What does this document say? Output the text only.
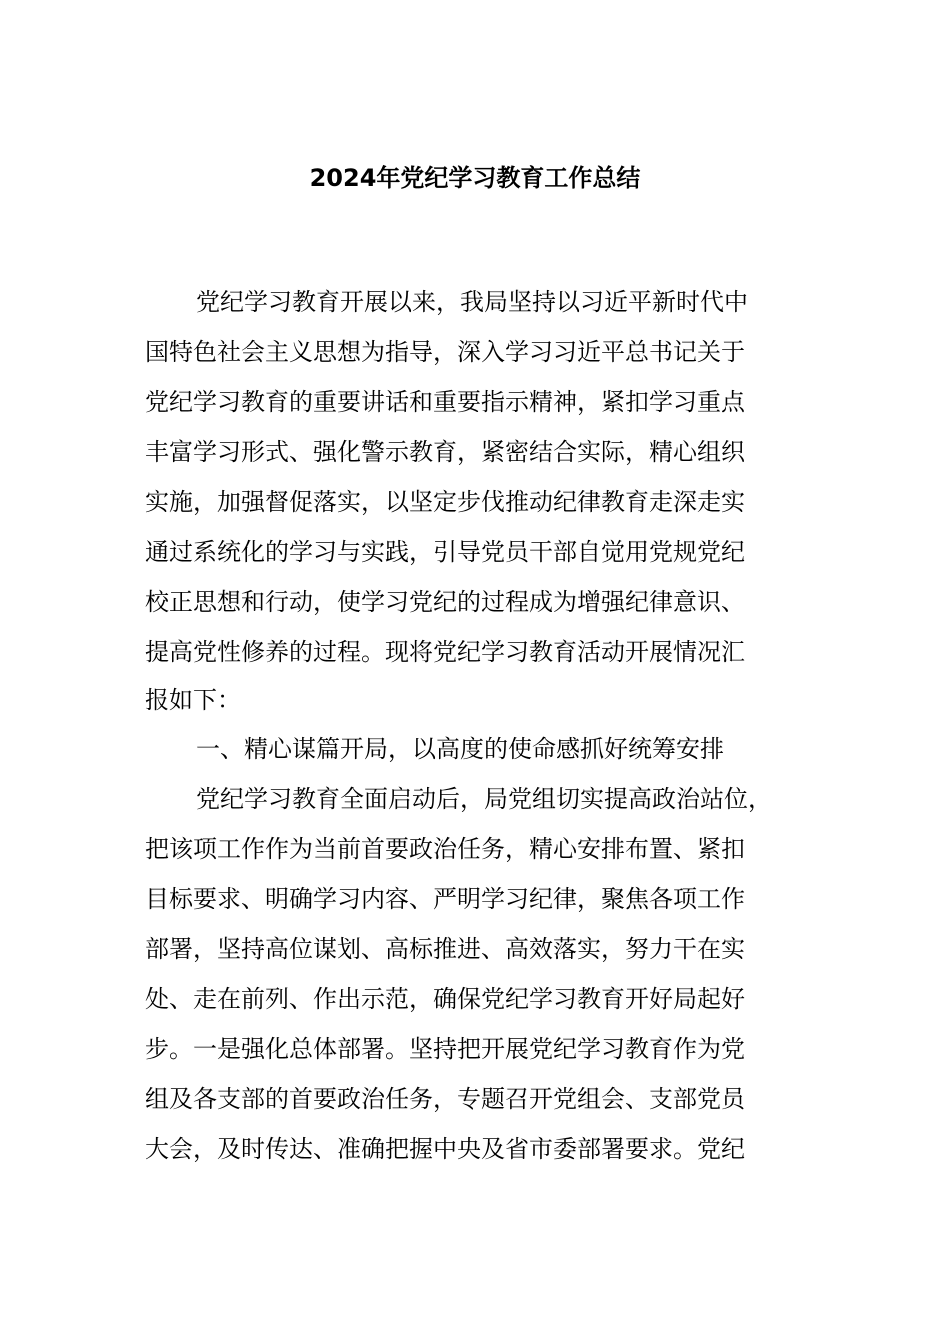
2024年党纪学习教育工作总结
党纪学习教育开展以来，我局坚持以习近平新时代中
国特色社会主义思想为指导，深入学习习近平总书记关于
党纪学习教育的重要讲话和重要指示精神，紧扣学习重点
丰富学习形式、强化警示教育，紧密结合实际，精心组织
实施，加强督促落实，以坚定步伐推动纪律教育走深走实
通过系统化的学习与实践，引导党员干部自觉用党规党纪
校正思想和行动，使学习党纪的过程成为增强纪律意识、
提高党性修养的过程。现将党纪学习教育活动开展情况汇
报如下：
一、精心谋篇开局，以高度的使命感抓好统筹安排
党纪学习教育全面启动后，局党组切实提高政治站位，
把该项工作作为当前首要政治任务，精心安排布置、紧扣
目标要求、明确学习内容、严明学习纪律，聚焦各项工作
部署，坚持高位谋划、高标推进、高效落实，努力干在实
处、走在前列、作出示范，确保党纪学习教育开好局起好
步。一是强化总体部署。坚持把开展党纪学习教育作为党
组及各支部的首要政治任务，专题召开党组会、支部党员
大会，及时传达、准确把握中央及省市委部署要求。党纪
